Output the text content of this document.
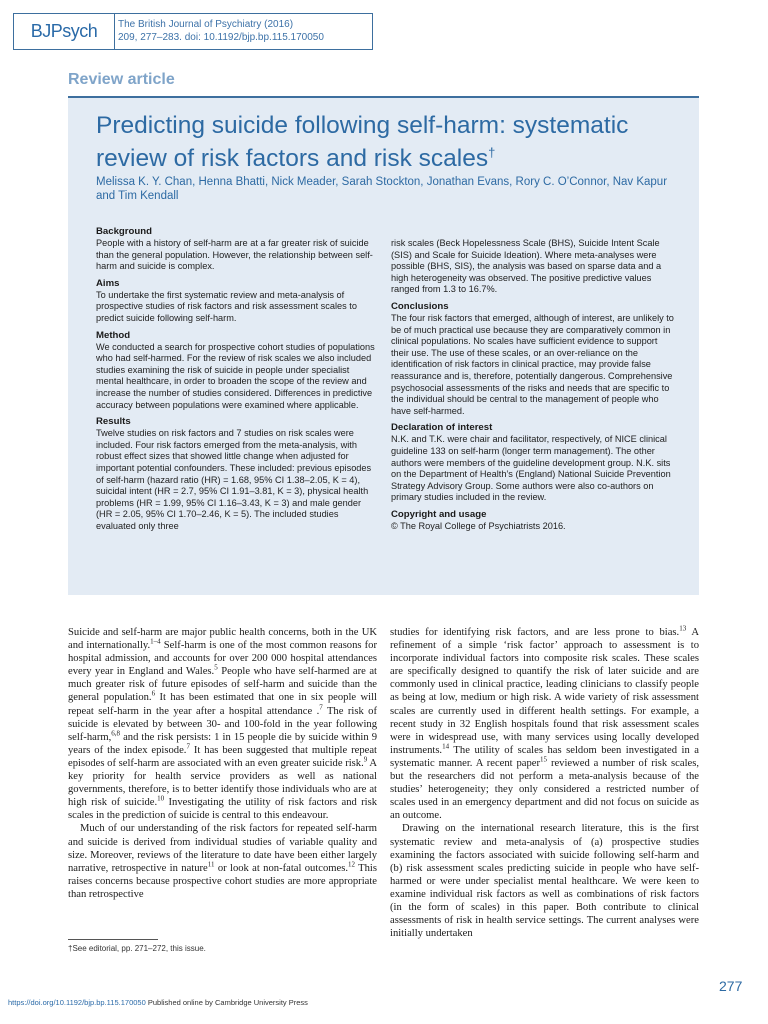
BJPsych	The British Journal of Psychiatry (2016)
209, 277–283. doi: 10.1192/bjp.bp.115.170050
Review article
Predicting suicide following self-harm: systematic review of risk factors and risk scales†
Melissa K. Y. Chan, Henna Bhatti, Nick Meader, Sarah Stockton, Jonathan Evans, Rory C. O’Connor, Nav Kapur and Tim Kendall
Background

People with a history of self-harm are at a far greater risk of suicide than the general population. However, the relationship between self-harm and suicide is complex.

Aims

To undertake the first systematic review and meta-analysis of prospective studies of risk factors and risk assessment scales to predict suicide following self-harm.

Method

We conducted a search for prospective cohort studies of populations who had self-harmed. For the review of risk scales we also included studies examining the risk of suicide in people under specialist mental healthcare, in order to broaden the scope of the review and increase the number of studies considered. Differences in predictive accuracy between populations were examined where applicable.

Results

Twelve studies on risk factors and 7 studies on risk scales were included. Four risk factors emerged from the meta-analysis, with robust effect sizes that showed little change when adjusted for important potential confounders. These included: previous episodes of self-harm (hazard ratio (HR) = 1.68, 95% CI 1.38–2.05, K = 4), suicidal intent (HR = 2.7, 95% CI 1.91–3.81, K = 3), physical health problems (HR = 1.99, 95% CI 1.16–3.43, K = 3) and male gender (HR = 2.05, 95% CI 1.70–2.46, K = 5). The included studies evaluated only three

risk scales (Beck Hopelessness Scale (BHS), Suicide Intent Scale (SIS) and Scale for Suicide Ideation). Where meta-analyses were possible (BHS, SIS), the analysis was based on sparse data and a high heterogeneity was observed. The positive predictive values ranged from 1.3 to 16.7%.

Conclusions

The four risk factors that emerged, although of interest, are unlikely to be of much practical use because they are comparatively common in clinical populations. No scales have sufficient evidence to support their use. The use of these scales, or an over-reliance on the identification of risk factors in clinical practice, may provide false reassurance and is, therefore, potentially dangerous. Comprehensive psychosocial assessments of the risks and needs that are specific to the individual should be central to the management of people who have self-harmed.

Declaration of interest

N.K. and T.K. were chair and facilitator, respectively, of NICE clinical guideline 133 on self-harm (longer term management). The other authors were members of the guideline development group. N.K. sits on the Department of Health’s (England) National Suicide Prevention Strategy Advisory Group. Some authors were also co-authors on primary studies included in the review.

Copyright and usage

© The Royal College of Psychiatrists 2016.

Suicide and self-harm are major public health concerns, both in the UK and internationally.$^{1-4}$ Self-harm is one of the most common reasons for hospital admission, and accounts for over 200 000 hospital attendances every year in England and Wales.$^5$ People who have self-harmed are at much greater risk of future episodes of self-harm and suicide than the general population.$^6$ It has been estimated that one in six people will repeat self-harm in the year after a hospital attendance .$^7$ The risk of suicide is elevated by between 30- and 100-fold in the year following self-harm,$^{6,8}$ and the risk persists: 1 in 15 people die by suicide within 9 years of the index episode.$^7$ It has been suggested that multiple repeat episodes of self-harm are associated with an even greater suicide risk.$^9$ A key priority for health service providers as well as national governments, therefore, is to better identify those individuals who are at high risk of suicide.$^{10}$ Investigating the utility of risk factors and risk scales in the prediction of suicide is central to this endeavour.

Much of our understanding of the risk factors for repeated self-harm and suicide is derived from individual studies of variable quality and size. Moreover, reviews of the literature to date have been either largely narrative, retrospective in nature$^{11}$ or look at non-fatal outcomes.$^{12}$ This raises concerns because prospective cohort studies are more appropriate than retrospective

studies for identifying risk factors, and are less prone to bias.$^{13}$ A refinement of a simple ‘risk factor’ approach to assessment is to incorporate individual factors into composite risk scales. These scales are specifically designed to quantify the risk of later suicide and are commonly used in clinical practice, leading clinicians to classify people as being at low, medium or high risk. A wide variety of risk assessment scales are currently used in different health settings. For example, a recent study in 32 English hospitals found that risk assessment scales were in widespread use, with many services using locally developed instruments.$^{14}$ The utility of scales has seldom been investigated in a systematic manner. A recent paper$^{15}$ reviewed a number of risk scales, but the researchers did not perform a meta-analysis because of the studies’ heterogeneity; they only considered a restricted number of scales used in an emergency department and did not focus on suicide as an outcome.

Drawing on the international research literature, this is the first systematic review and meta-analysis of (a) prospective studies examining the factors associated with suicide following self-harm and (b) risk assessment scales predicting suicide in people who have self-harmed or were under specialist mental healthcare. We were keen to examine individual risk factors as well as combinations of risk factors (in the form of scales) in this paper. Both contribute to clinical assessments of risk in health service settings. The current analyses were initially undertaken

†See editorial, pp. 271–272, this issue.
277
https://doi.org/10.1192/bjp.bp.115.170050 Published online by Cambridge University Press
